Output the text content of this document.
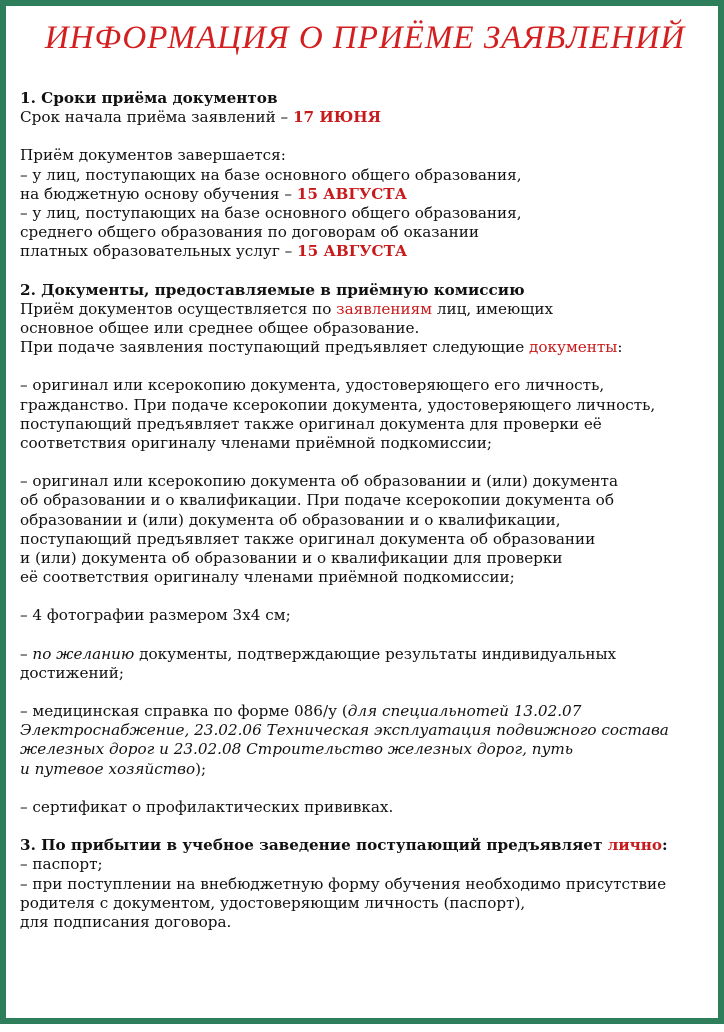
ИНФОРМАЦИЯ О ПРИЁМЕ ЗАЯВЛЕНИЙ
1. Сроки приёма документов
Срок начала приёма заявлений – 17 ИЮНЯ
Приём документов завершается:
– у лиц, поступающих на базе основного общего образования,
на бюджетную основу обучения – 15 АВГУСТА
– у лиц, поступающих на базе основного общего образования,
среднего общего образования по договорам об оказании
платных образовательных услуг – 15 АВГУСТА
2. Документы, предоставляемые в приёмную комиссию
Приём документов осуществляется по заявлениям лиц, имеющих
основное общее или среднее общее образование.
При подаче заявления поступающий предъявляет следующие документы:
– оригинал или ксерокопию документа, удостоверяющего его личность,
гражданство. При подаче ксерокопии документа, удостоверяющего личность,
поступающий предъявляет также оригинал документа для проверки её
соответствия оригиналу членами приёмной подкомиссии;
– оригинал или ксерокопию документа об образовании и (или) документа
об образовании и о квалификации. При подаче ксерокопии документа об
образовании и (или) документа об образовании и о квалификации,
поступающий предъявляет также оригинал документа об образовании
и (или) документа об образовании и о квалификации для проверки
её соответствия оригиналу членами приёмной подкомиссии;
– 4 фотографии размером 3х4 см;
– по желанию документы, подтверждающие результаты индивидуальных
достижений;
– медицинская справка по форме 086/у (для специальнотей 13.02.07
Электроснабжение, 23.02.06 Техническая эксплуатация подвижного состава
железных дорог и 23.02.08 Строительство железных дорог, путь
и путевое хозяйство);
– сертификат о профилактических прививках.
3. По прибытии в учебное заведение поступающий предъявляет лично:
– паспорт;
– при поступлении на внебюджетную форму обучения необходимо присутствие
родителя с документом, удостоверяющим личность (паспорт),
для подписания договора.
